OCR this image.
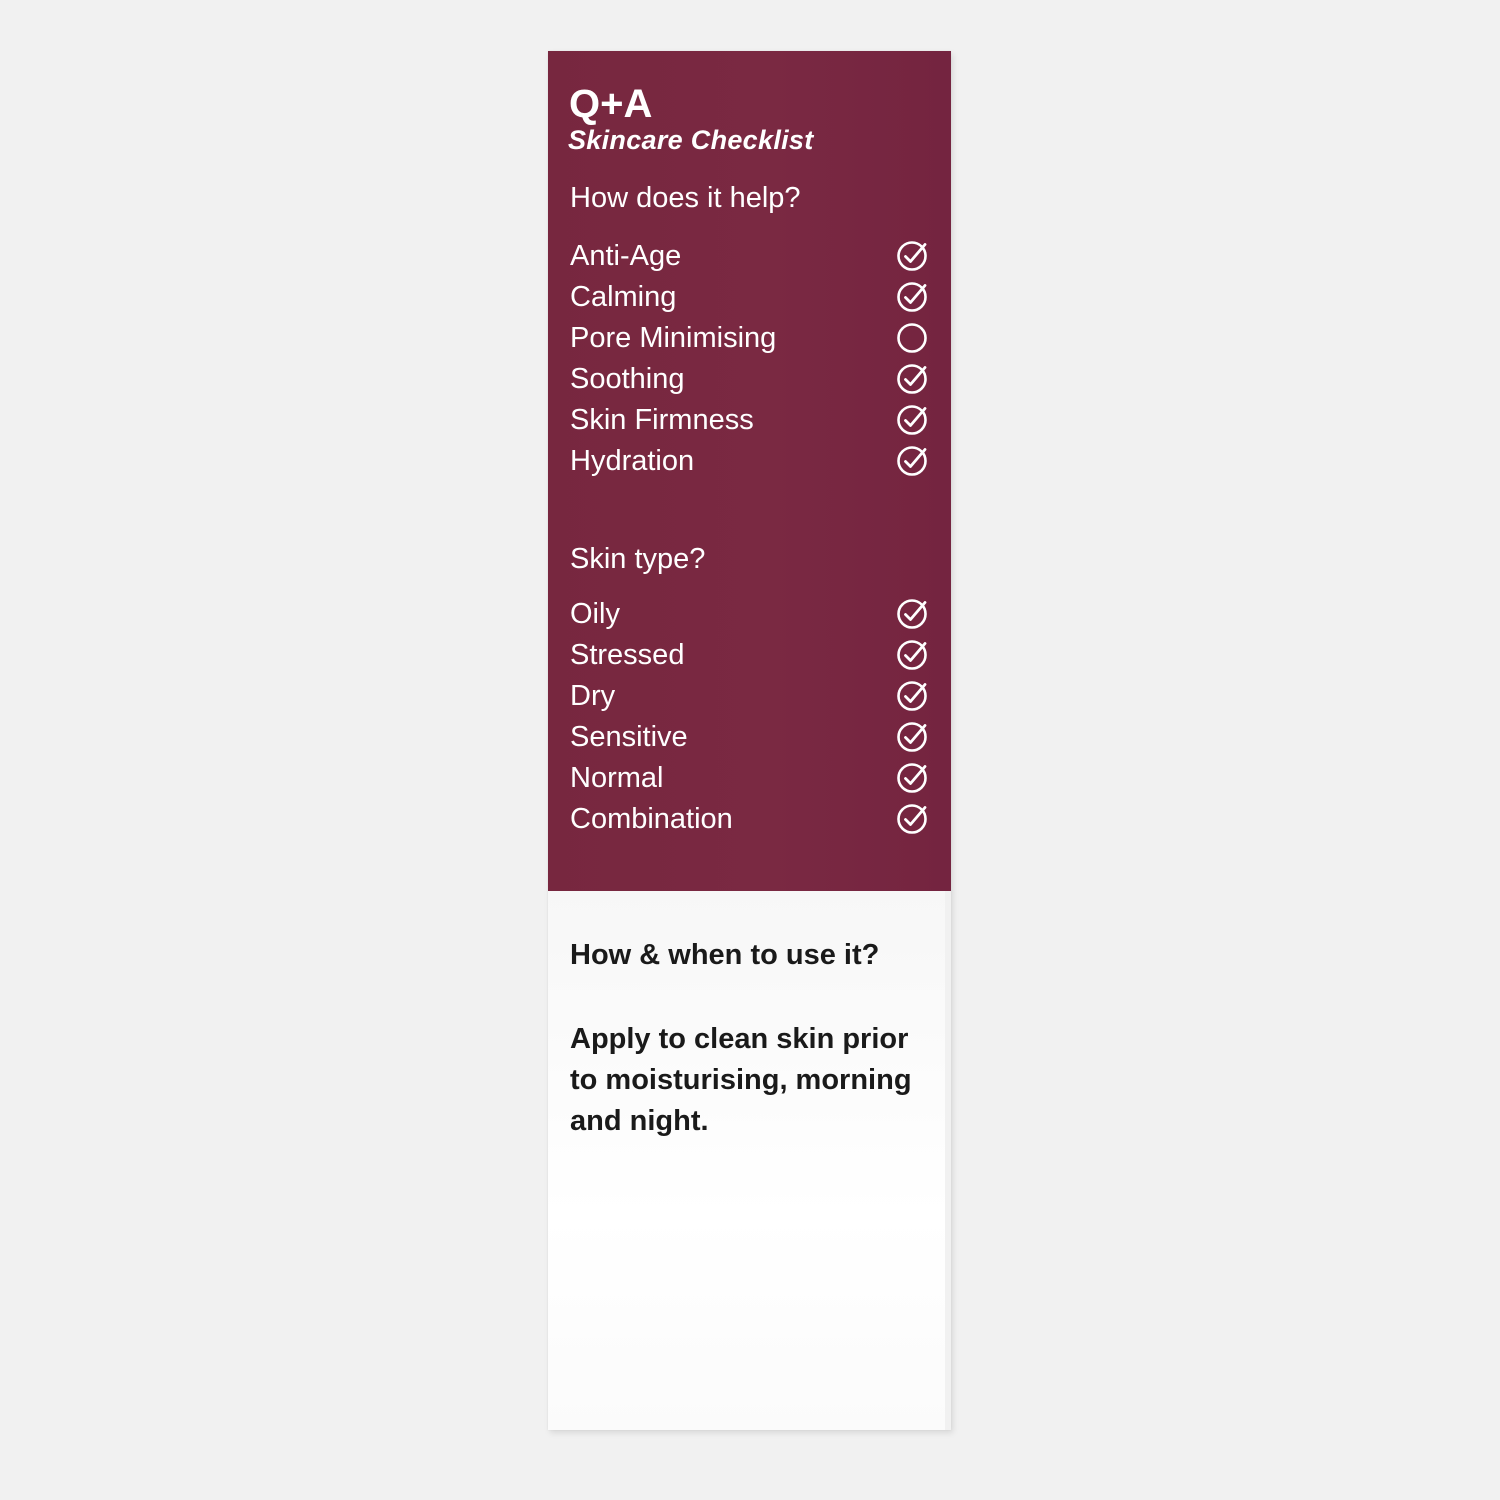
Q+A
Skincare Checklist
How does it help?
Anti-Age
Calming
Pore Minimising
Soothing
Skin Firmness
Hydration
Skin type?
Oily
Stressed
Dry
Sensitive
Normal
Combination
How & when to use it?

Apply to clean skin prior to moisturising, morning and night.
